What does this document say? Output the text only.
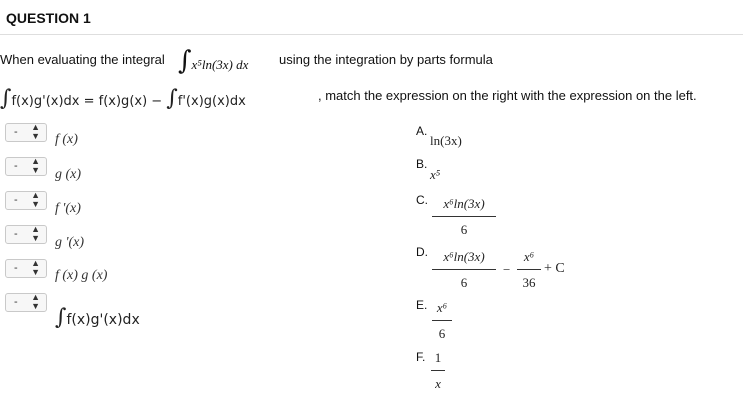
QUESTION 1
When evaluating the integral ∫x⁵ln(3x) dx using the integration by parts formula
∫f(x)g'(x)dx = f(x)g(x) − ∫f'(x)g(x)dx	, match the expression on the right with the expression on the left.
- ▲
▼ f (x)
- ▲
▼ g (x)
- ▲
▼ f '(x)
- ▲
▼ g '(x)
- ▲
▼ f (x) g (x)
- ▲
▼ ∫f(x)g'(x)dx
A.
ln(3x)
B.
x⁵
C.	x⁶ln(3x)
6
D.	x⁶ln(3x)
6
−
x⁶
36
+ C
E. x⁶
6
F. 1
x
